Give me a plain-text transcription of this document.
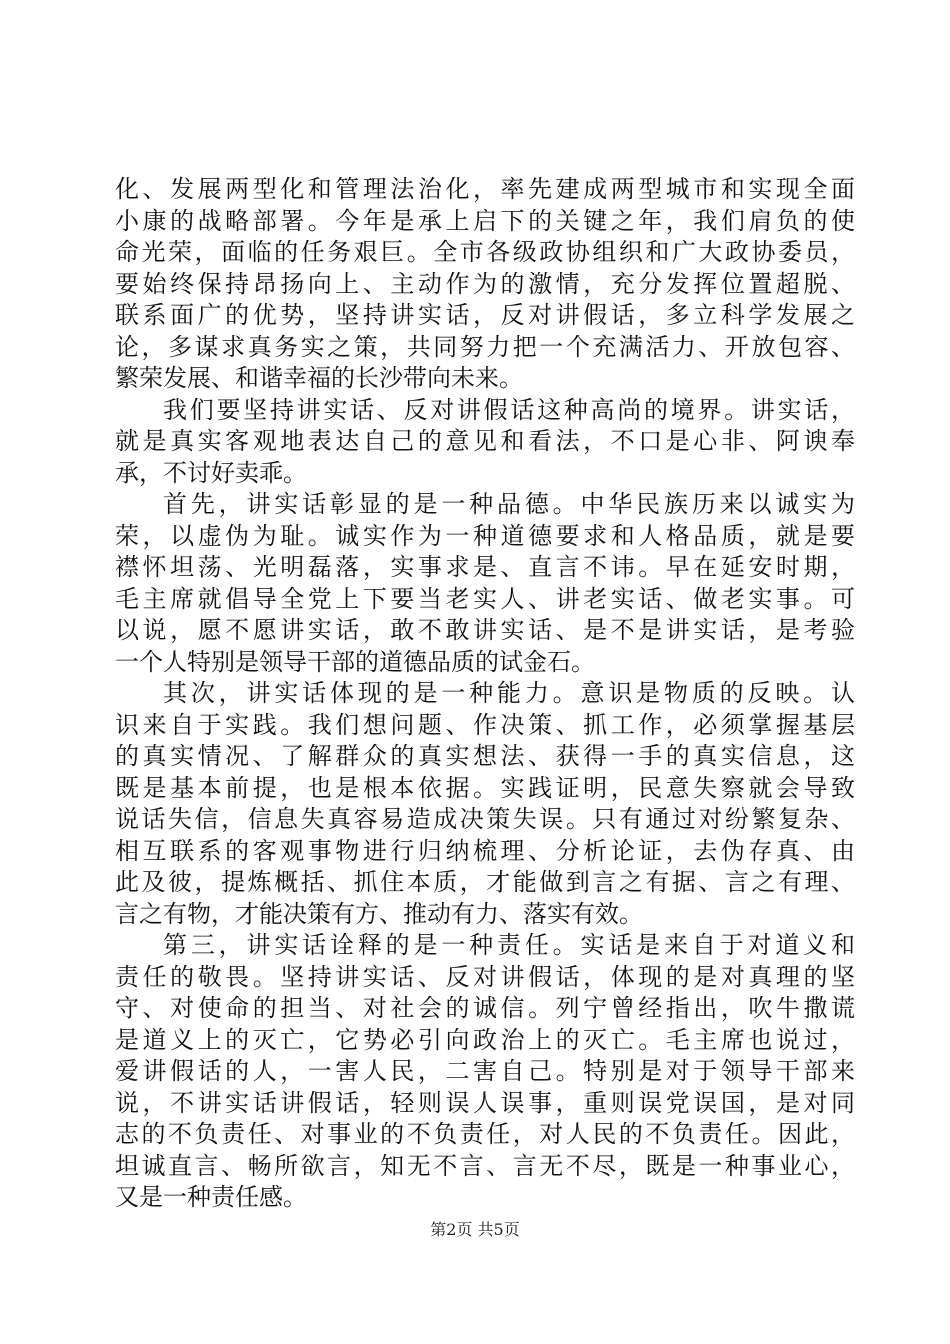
化、发展两型化和管理法治化，率先建成两型城市和实现全面
小康的战略部署。今年是承上启下的关键之年，我们肩负的使
命光荣，面临的任务艰巨。全市各级政协组织和广大政协委员，
要始终保持昂扬向上、主动作为的激情，充分发挥位置超脱、
联系面广的优势，坚持讲实话，反对讲假话，多立科学发展之
论，多谋求真务实之策，共同努力把一个充满活力、开放包容、
繁荣发展、和谐幸福的长沙带向未来。
我们要坚持讲实话、反对讲假话这种高尚的境界。讲实话，
就是真实客观地表达自己的意见和看法，不口是心非、阿谀奉
承，不讨好卖乖。
首先，讲实话彰显的是一种品德。中华民族历来以诚实为
荣，以虚伪为耻。诚实作为一种道德要求和人格品质，就是要
襟怀坦荡、光明磊落，实事求是、直言不讳。早在延安时期，
毛主席就倡导全党上下要当老实人、讲老实话、做老实事。可
以说，愿不愿讲实话，敢不敢讲实话、是不是讲实话，是考验
一个人特别是领导干部的道德品质的试金石。
其次，讲实话体现的是一种能力。意识是物质的反映。认
识来自于实践。我们想问题、作决策、抓工作，必须掌握基层
的真实情况、了解群众的真实想法、获得一手的真实信息，这
既是基本前提，也是根本依据。实践证明，民意失察就会导致
说话失信，信息失真容易造成决策失误。只有通过对纷繁复杂、
相互联系的客观事物进行归纳梳理、分析论证，去伪存真、由
此及彼，提炼概括、抓住本质，才能做到言之有据、言之有理、
言之有物，才能决策有方、推动有力、落实有效。
第三，讲实话诠释的是一种责任。实话是来自于对道义和
责任的敬畏。坚持讲实话、反对讲假话，体现的是对真理的坚
守、对使命的担当、对社会的诚信。列宁曾经指出，吹牛撒谎
是道义上的灭亡，它势必引向政治上的灭亡。毛主席也说过，
爱讲假话的人，一害人民，二害自己。特别是对于领导干部来
说，不讲实话讲假话，轻则误人误事，重则误党误国，是对同
志的不负责任、对事业的不负责任，对人民的不负责任。因此，
坦诚直言、畅所欲言，知无不言、言无不尽，既是一种事业心，
又是一种责任感。
第2页 共5页
